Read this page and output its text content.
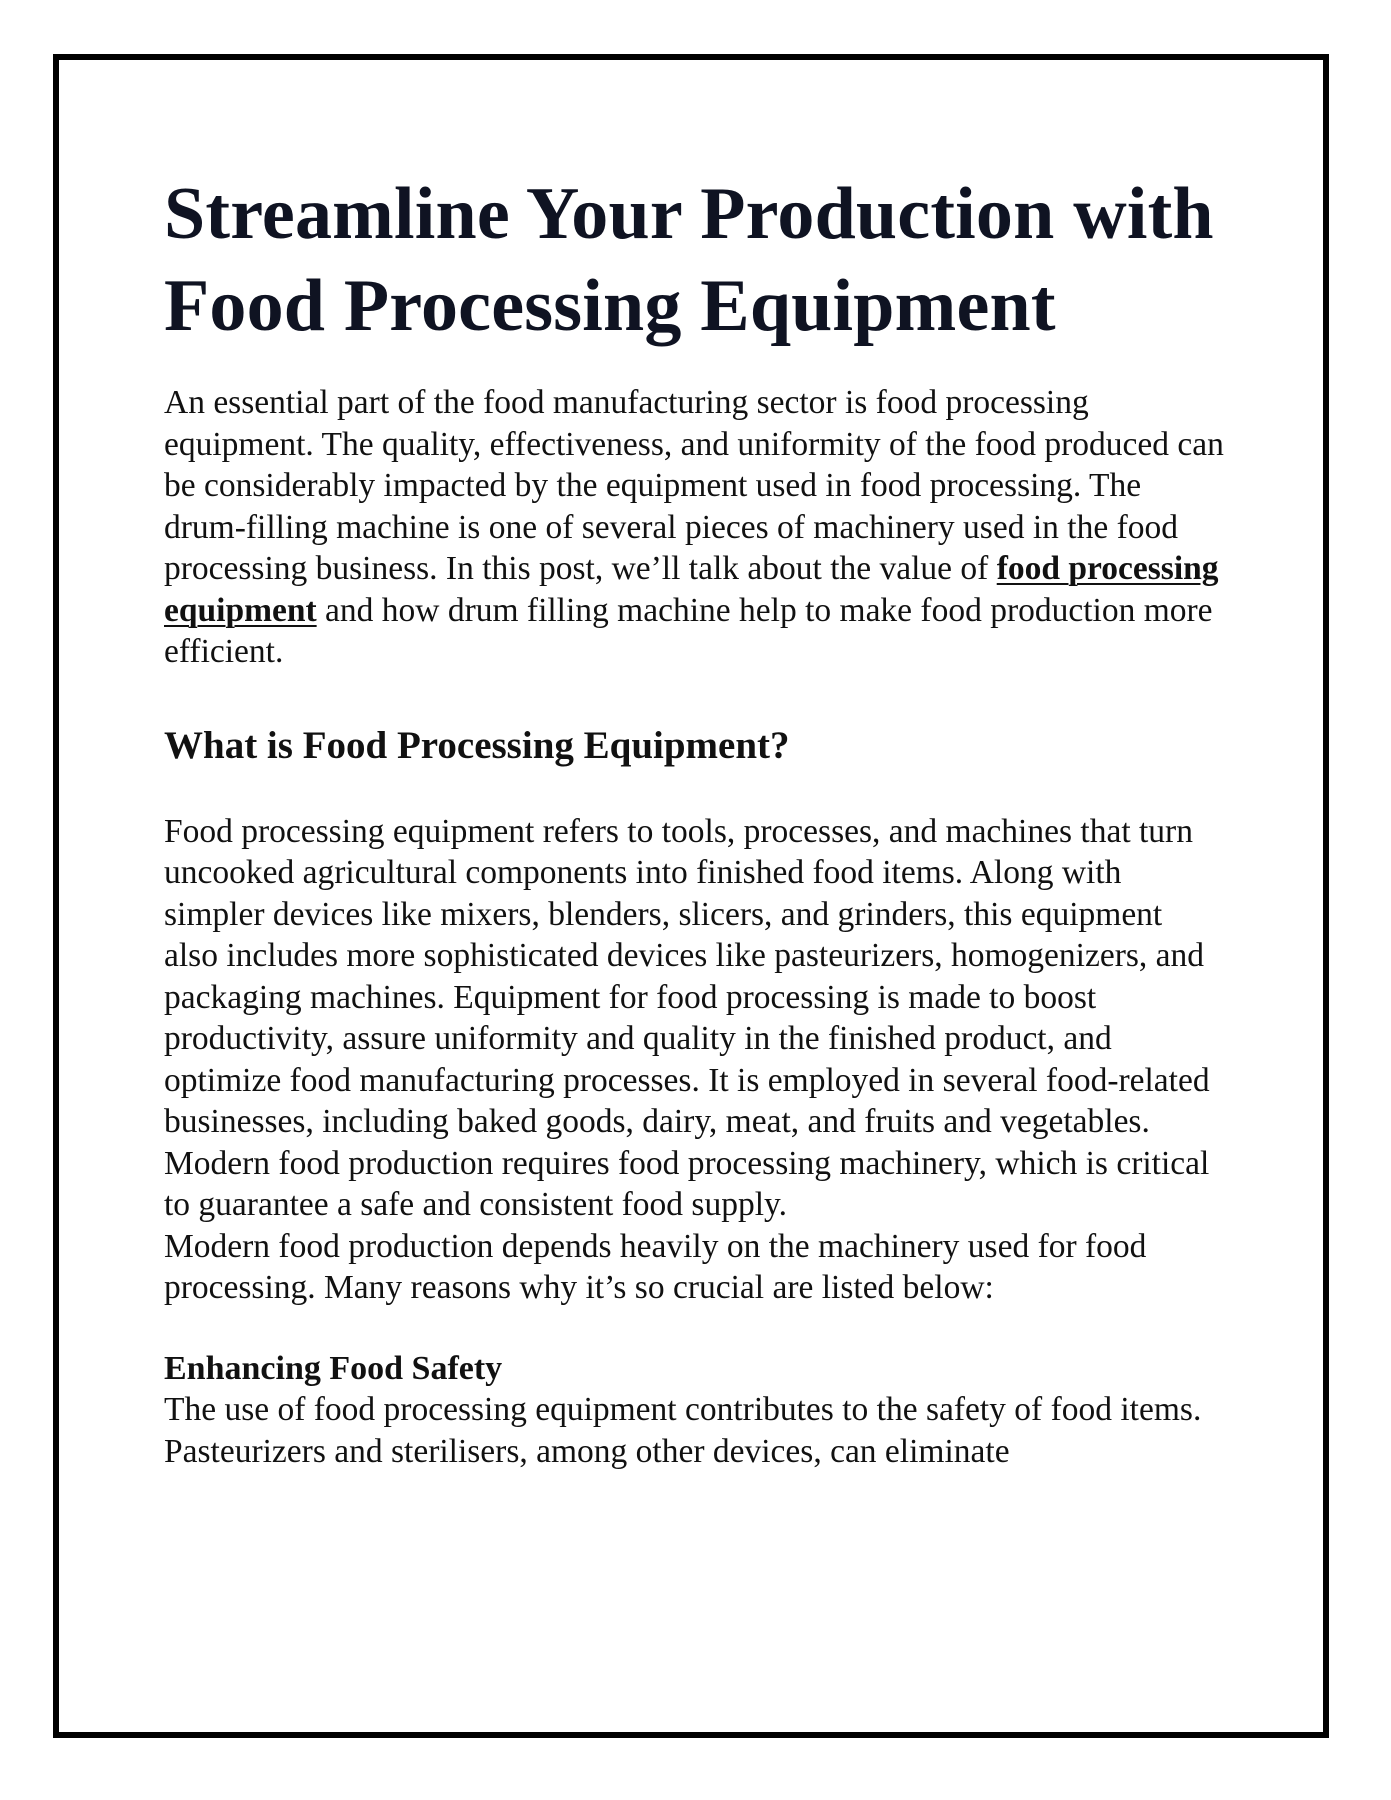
Streamline Your Production with Food Processing Equipment

An essential part of the food manufacturing sector is food processing equipment. The quality, effectiveness, and uniformity of the food produced can be considerably impacted by the equipment used in food processing. The drum-filling machine is one of several pieces of machinery used in the food processing business. In this post, we’ll talk about the value of food processing equipment and how drum filling machine help to make food production more efficient.

What is Food Processing Equipment?

Food processing equipment refers to tools, processes, and machines that turn uncooked agricultural components into finished food items. Along with simpler devices like mixers, blenders, slicers, and grinders, this equipment also includes more sophisticated devices like pasteurizers, homogenizers, and packaging machines. Equipment for food processing is made to boost productivity, assure uniformity and quality in the finished product, and optimize food manufacturing processes. It is employed in several food-related businesses, including baked goods, dairy, meat, and fruits and vegetables. Modern food production requires food processing machinery, which is critical to guarantee a safe and consistent food supply.

Modern food production depends heavily on the machinery used for food processing. Many reasons why it’s so crucial are listed below:

Enhancing Food Safety

The use of food processing equipment contributes to the safety of food items. Pasteurizers and sterilisers, among other devices, can eliminate
